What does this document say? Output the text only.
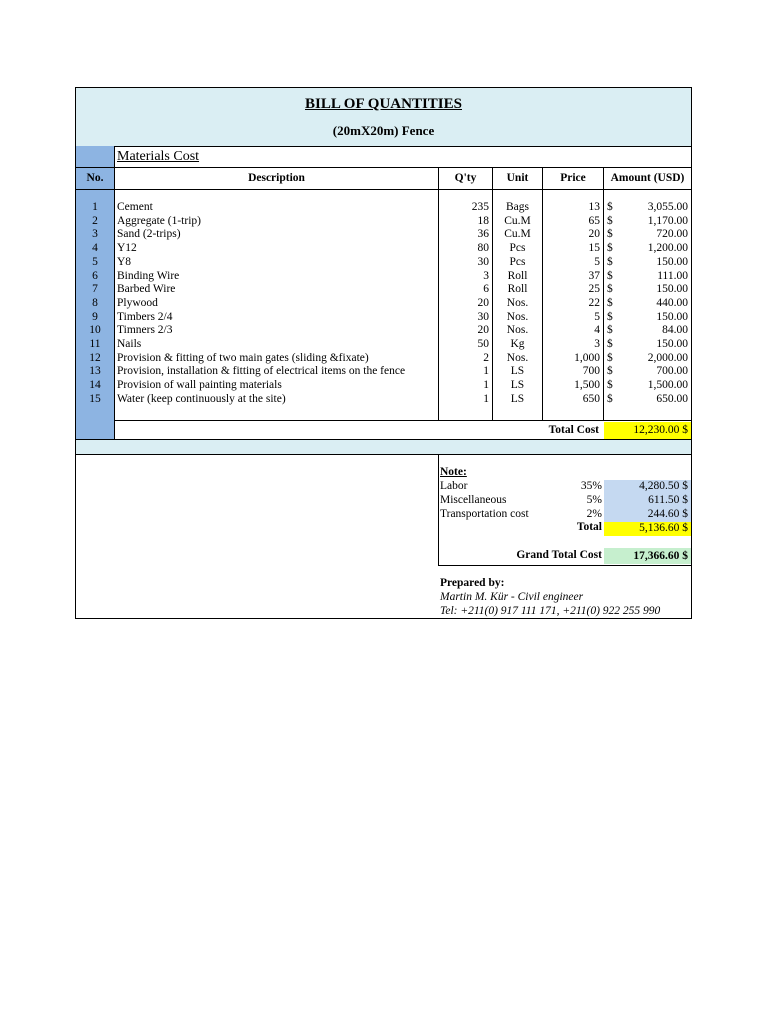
BILL OF QUANTITIES
(20mX20m) Fence
Materials Cost
No.	Description	Q'ty	Unit	Price	Amount (USD)
1	Cement	235	Bags	13 $	3,055.00
2	Aggregate (1-trip)	18	Cu.M	65 $	1,170.00
3	Sand (2-trips)	36	Cu.M	20 $	720.00
4	Y12	80	Pcs	15 $	1,200.00
5	Y8	30	Pcs	5 $	150.00
6	Binding Wire	3	Roll	37 $	111.00
7	Barbed Wire	6	Roll	25 $	150.00
8	Plywood	20	Nos.	22 $	440.00
9	Timbers 2/4	30	Nos.	5 $	150.00
10	Timners 2/3	20	Nos.	4 $	84.00
11	Nails	50	Kg	3 $	150.00
12	Provision & fitting of two main gates (sliding &fixate)	2	Nos.	1,000 $	2,000.00
13	Provision, installation & fitting of electrical items on the fence	1	LS	700 $	700.00
14	Provision of wall painting materials	1	LS	1,500 $	1,500.00
15	Water (keep continuously at the site)	1	LS	650 $	650.00
Total Cost	12,230.00 $
Note:
Labor	35%	4,280.50 $
Miscellaneous	5%	611.50 $
Transportation cost	2%	244.60 $
Total	5,136.60 $
Grand Total Cost	17,366.60 $
Prepared by:
Martin M. Kür - Civil engineer
Tel: +211(0) 917 111 171, +211(0) 922 255 990
